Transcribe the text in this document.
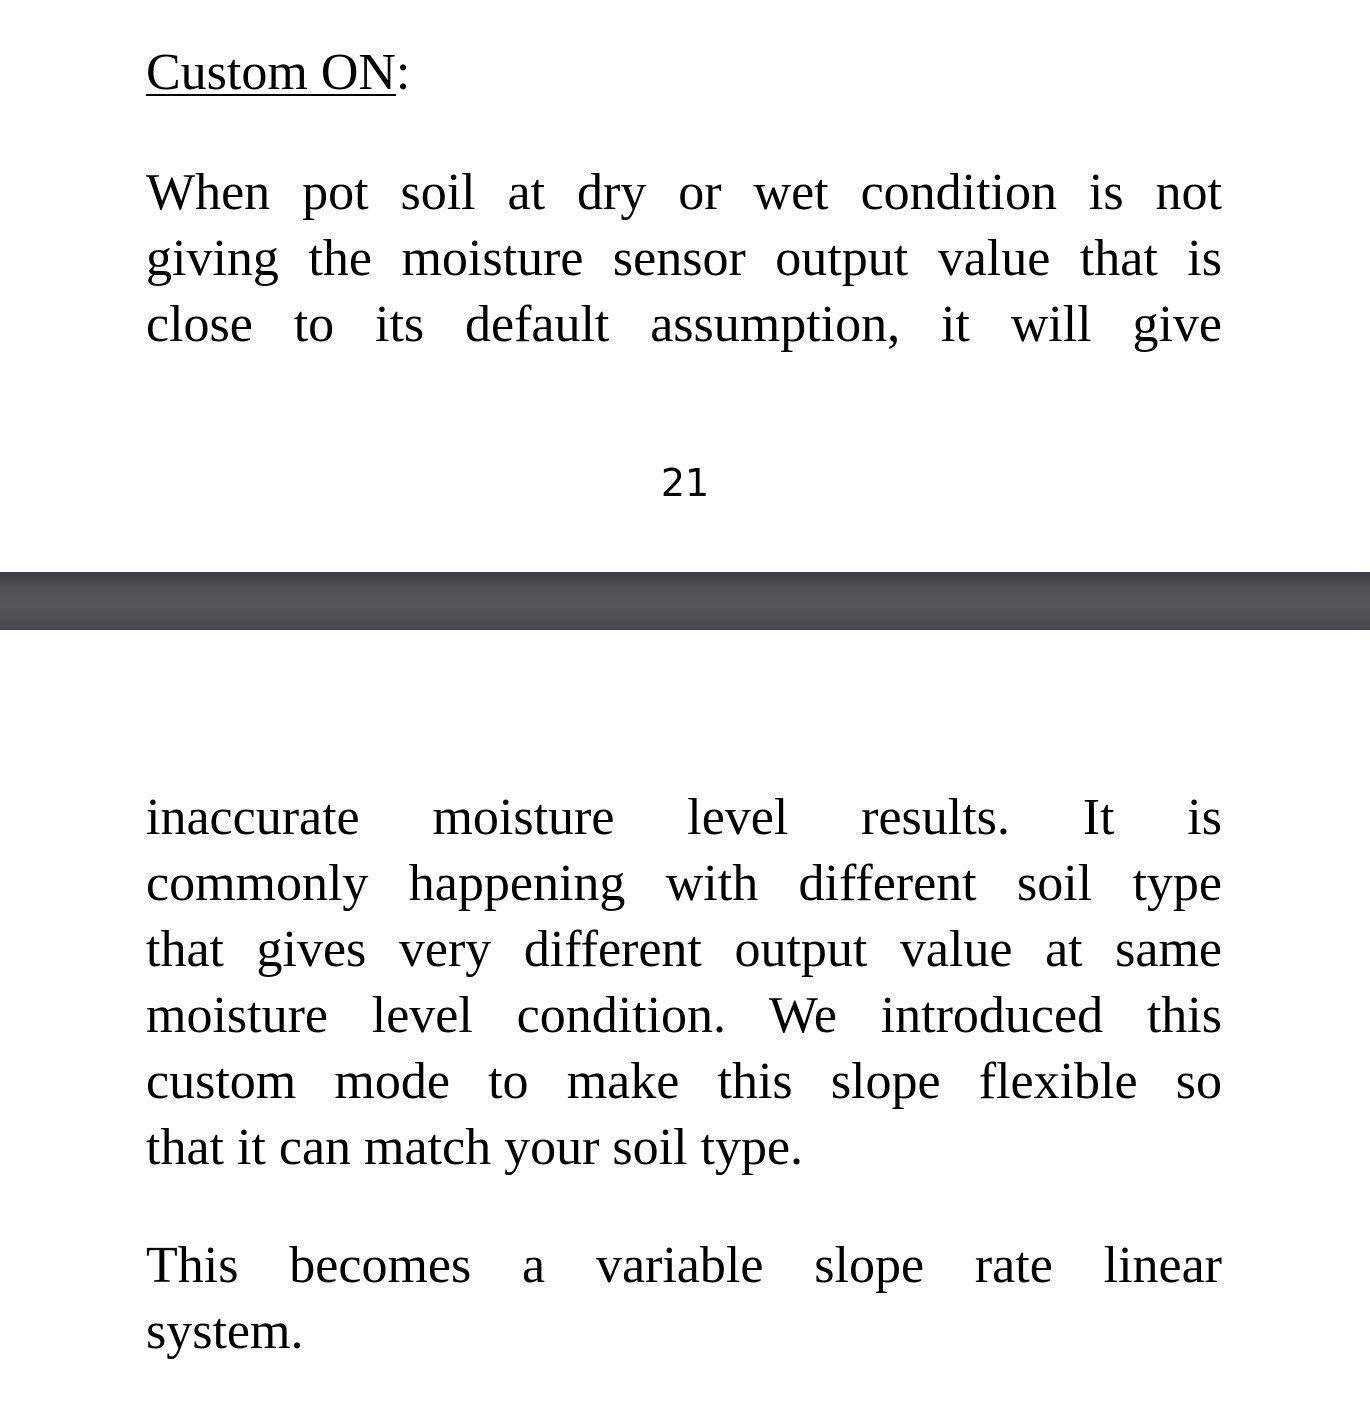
Custom ON:
When pot soil at dry or wet condition is not
giving the moisture sensor output value that is
close to its default assumption, it will give
21
inaccurate moisture level results. It is
commonly happening with different soil type
that gives very different output value at same
moisture level condition. We introduced this
custom mode to make this slope flexible so
that it can match your soil type.
This becomes a variable slope rate linear
system.
